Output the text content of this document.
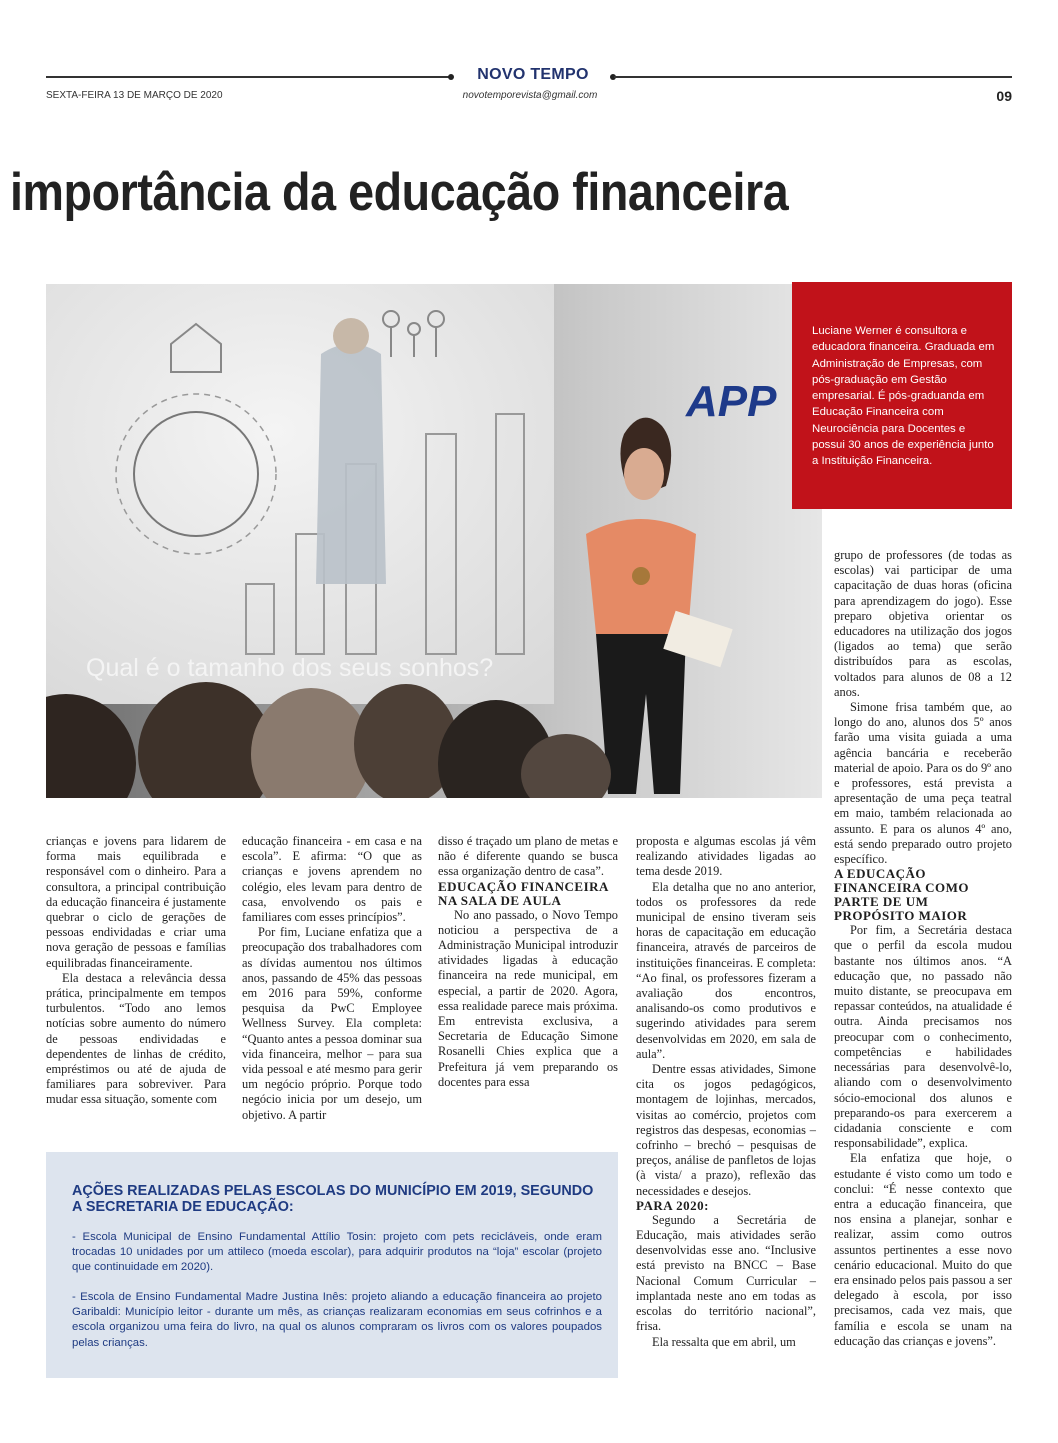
NOVO TEMPO
SEXTA-FEIRA 13 DE MARÇO DE 2020	novotemporevista@gmail.com	09
importância da educação financeira
Qual é o tamanho dos seus sonhos?
APP
Luciane Werner é consultora e educadora financeira. Graduada em Administração de Empresas, com pós-graduação em Gestão empresarial. É pós-graduanda em Educação Financeira com Neurociência para Docentes e possui 30 anos de experiência junto a Instituição Financeira.

crianças e jovens para lidarem de forma mais equilibrada e responsável com o dinheiro. Para a consultora, a principal contribuição da educação financeira é justamente quebrar o ciclo de gerações de pessoas endividadas e criar uma nova geração de pessoas e famílias equilibradas financeiramente.

Ela destaca a relevância dessa prática, principalmente em tempos turbulentos. “Todo ano lemos notícias sobre aumento do número de pessoas endividadas e dependentes de linhas de crédito, empréstimos ou até de ajuda de familiares para sobreviver. Para mudar essa situação, somente com

educação financeira - em casa e na escola”. E afirma: “O que as crianças e jovens aprendem no colégio, eles levam para dentro de casa, envolvendo os pais e familiares com esses princípios”.

Por fim, Luciane enfatiza que a preocupação dos trabalhadores com as dívidas aumentou nos últimos anos, passando de 45% das pessoas em 2016 para 59%, conforme pesquisa da PwC Employee Wellness Survey. Ela completa: “Quanto antes a pessoa dominar sua vida financeira, melhor – para sua vida pessoal e até mesmo para gerir um negócio próprio. Porque todo negócio inicia por um desejo, um objetivo. A partir

disso é traçado um plano de metas e não é diferente quando se busca essa organização dentro de casa”.

EDUCAÇÃO FINANCEIRA NA SALA DE AULA

No ano passado, o Novo Tempo noticiou a perspectiva de a Administração Municipal introduzir atividades ligadas à educação financeira na rede municipal, em especial, a partir de 2020. Agora, essa realidade parece mais próxima. Em entrevista exclusiva, a Secretaria de Educação Simone Rosanelli Chies explica que a Prefeitura já vem preparando os docentes para essa

proposta e algumas escolas já vêm realizando atividades ligadas ao tema desde 2019.

Ela detalha que no ano anterior, todos os professores da rede municipal de ensino tiveram seis horas de capacitação em educação financeira, através de parceiros de instituições financeiras. E completa: “Ao final, os professores fizeram a avaliação dos encontros, analisando-os como produtivos e sugerindo atividades para serem desenvolvidas em 2020, em sala de aula”.

Dentre essas atividades, Simone cita os jogos pedagógicos, montagem de lojinhas, mercados, visitas ao comércio, projetos com registros das despesas, economias – cofrinho – brechó – pesquisas de preços, análise de panfletos de lojas (à vista/ a prazo), reflexão das necessidades e desejos.

PARA 2020:

Segundo a Secretária de Educação, mais atividades serão desenvolvidas esse ano. “Inclusive está previsto na BNCC – Base Nacional Comum Curricular – implantada neste ano em todas as escolas do território nacional”, frisa.

Ela ressalta que em abril, um

grupo de professores (de todas as escolas) vai participar de uma capacitação de duas horas (oficina para aprendizagem do jogo). Esse preparo objetiva orientar os educadores na utilização dos jogos (ligados ao tema) que serão distribuídos para as escolas, voltados para alunos de 08 a 12 anos.

Simone frisa também que, ao longo do ano, alunos dos 5º anos farão uma visita guiada a uma agência bancária e receberão material de apoio. Para os do 9º ano e professores, está prevista a apresentação de uma peça teatral em maio, também relacionada ao assunto. E para os alunos 4º ano, está sendo preparado outro projeto específico.

A EDUCAÇÃO FINANCEIRA COMO PARTE DE UM PROPÓSITO MAIOR

Por fim, a Secretária destaca que o perfil da escola mudou bastante nos últimos anos. “A educação que, no passado não muito distante, se preocupava em repassar conteúdos, na atualidade é outra. Ainda precisamos nos preocupar com o conhecimento, competências e habilidades necessárias para desenvolvê-lo, aliando com o desenvolvimento sócio-emocional dos alunos e preparando-os para exercerem a cidadania consciente e com responsabilidade”, explica.

Ela enfatiza que hoje, o estudante é visto como um todo e conclui: “É nesse contexto que entra a educação financeira, que nos ensina a planejar, sonhar e realizar, assim como outros assuntos pertinentes a esse novo cenário educacional. Muito do que era ensinado pelos pais passou a ser delegado à escola, por isso precisamos, cada vez mais, que família e escola se unam na educação das crianças e jovens”.

AÇÕES REALIZADAS PELAS ESCOLAS DO MUNICÍPIO EM 2019, SEGUNDO A SECRETARIA DE EDUCAÇÃO:
- Escola Municipal de Ensino Fundamental Attílio Tosin: projeto com pets recicláveis, onde eram trocadas 10 unidades por um attileco (moeda escolar), para adquirir produtos na “loja” escolar (projeto que continuidade em 2020).
- Escola de Ensino Fundamental Madre Justina Inês: projeto aliando a educação financeira ao projeto Garibaldi: Município leitor - durante um mês, as crianças realizaram economias em seus cofrinhos e a escola organizou uma feira do livro, na qual os alunos compraram os livros com os valores poupados pelas crianças.
